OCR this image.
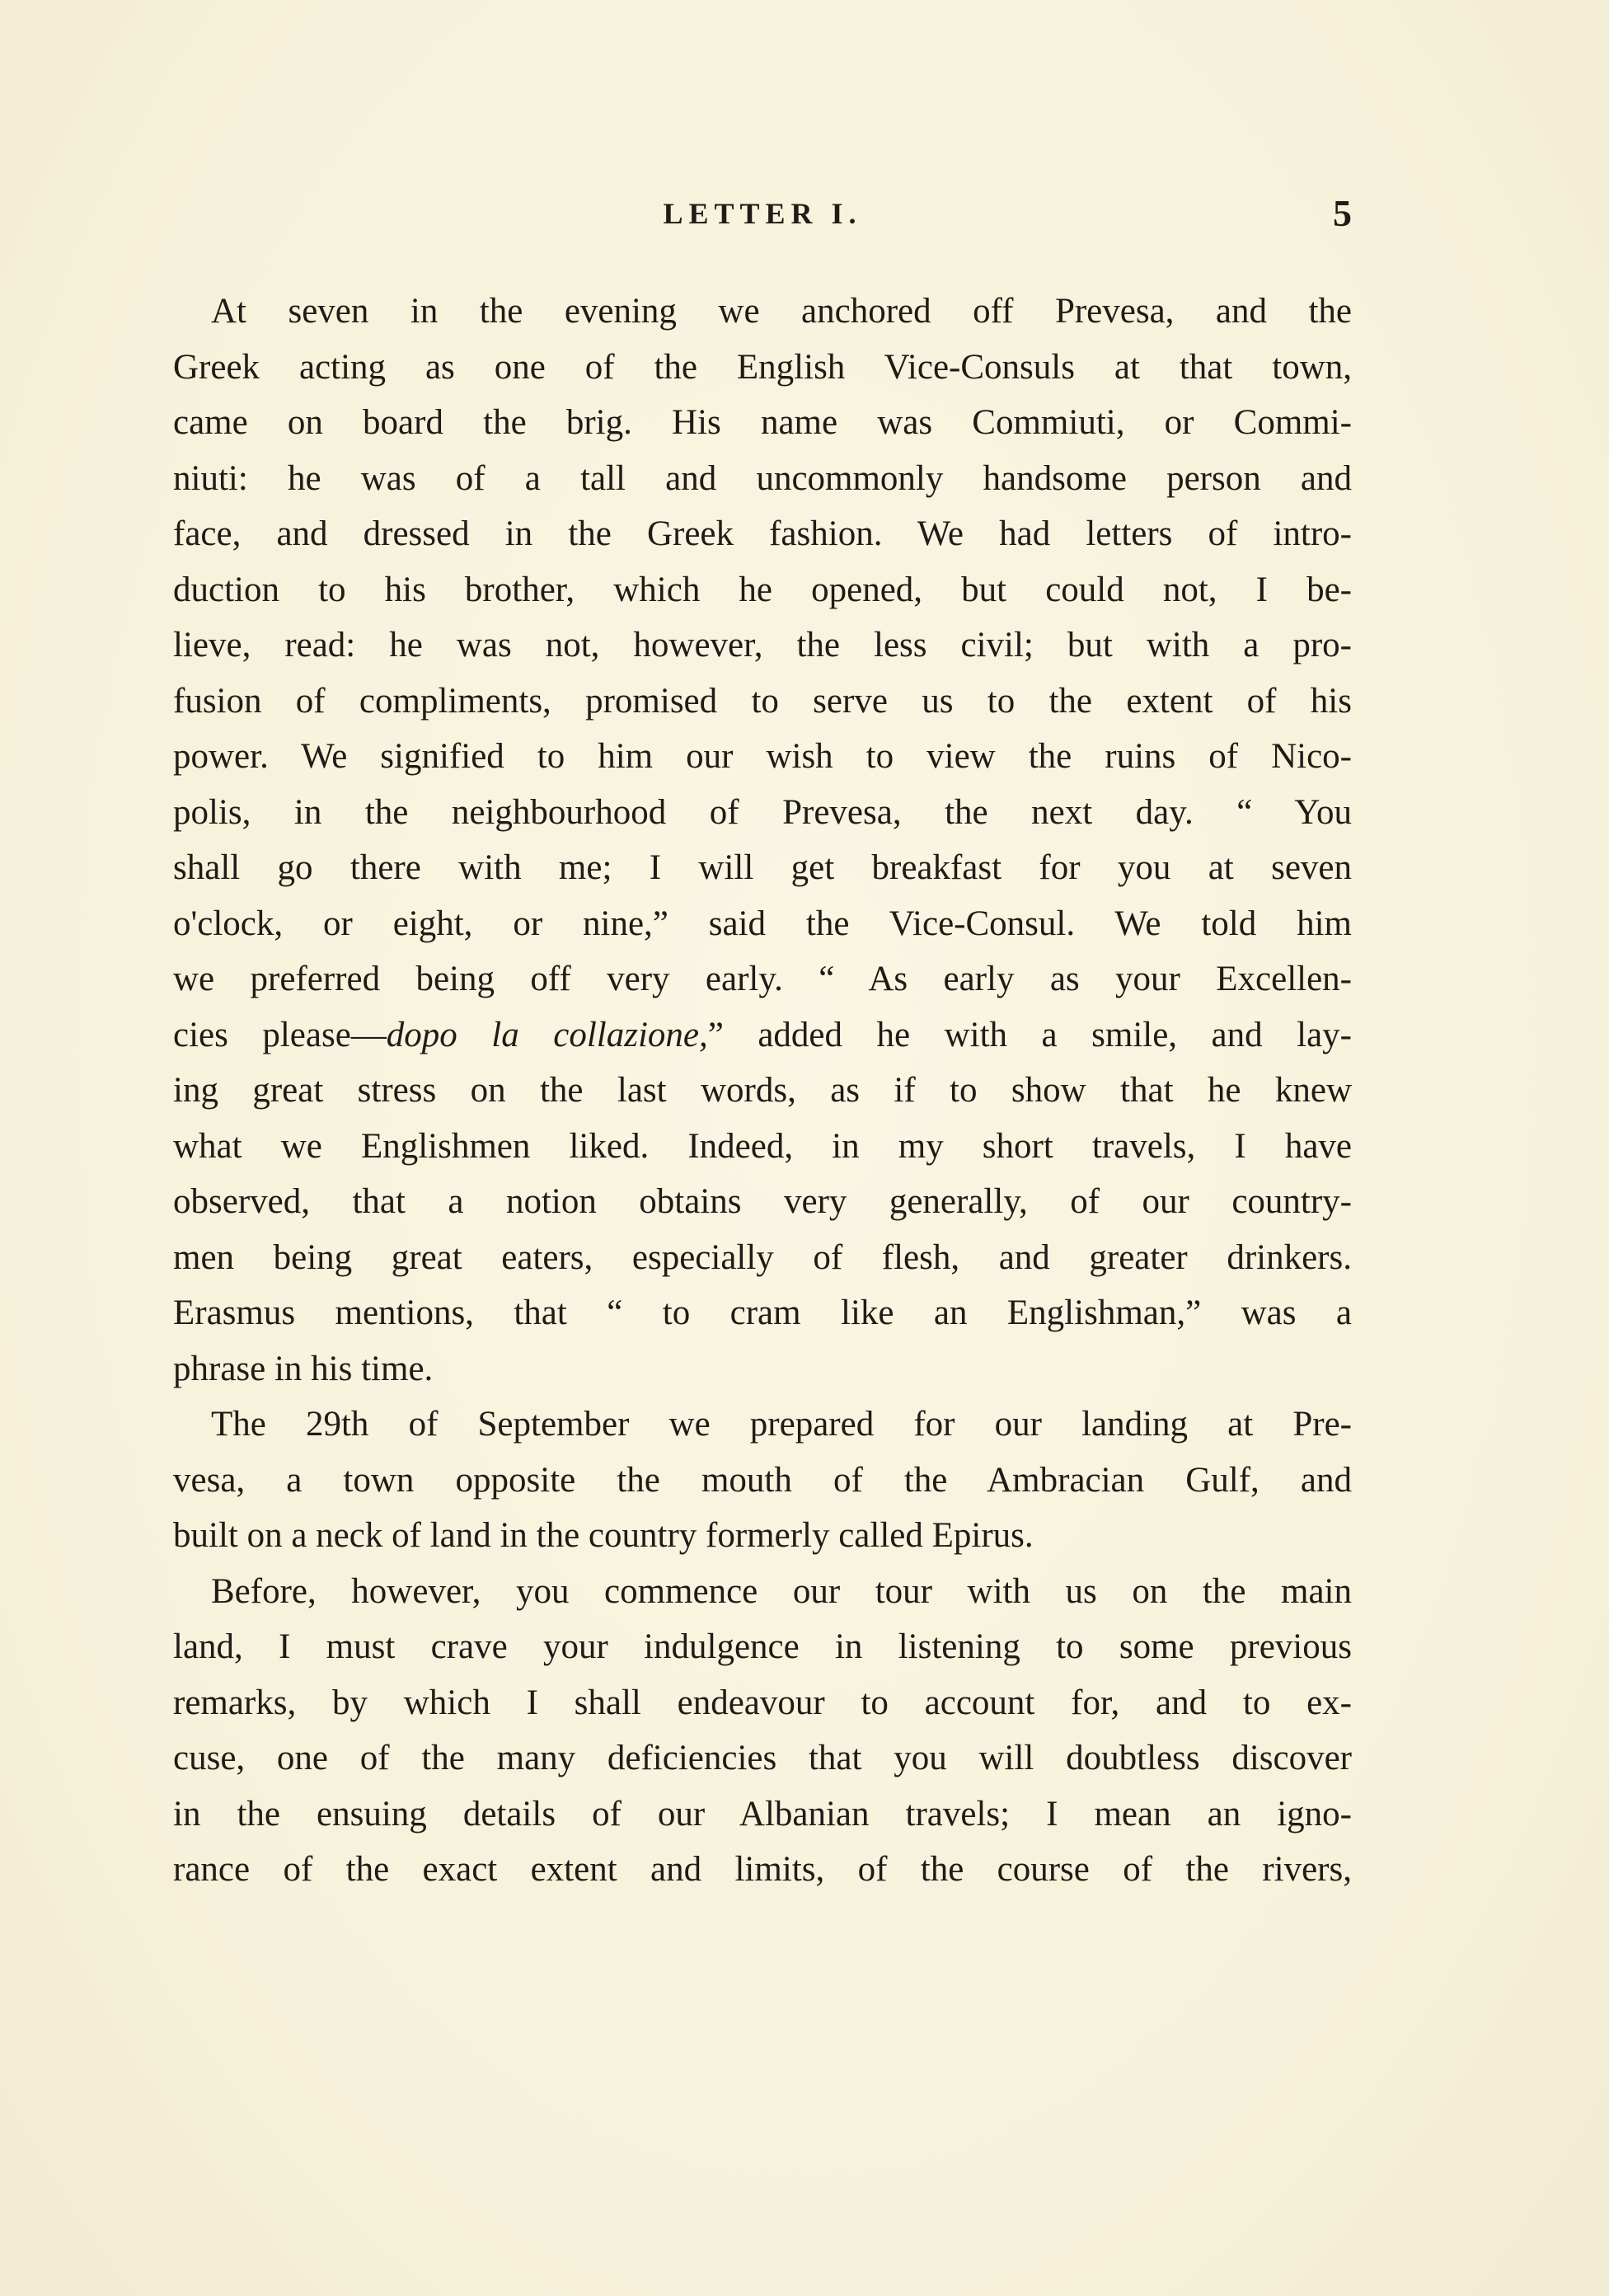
LETTER I.	5
At seven in the evening we anchored off Prevesa, and the
Greek acting as one of the English Vice-Consuls at that town,
came on board the brig. His name was Commiuti, or Commi-
niuti: he was of a tall and uncommonly handsome person and
face, and dressed in the Greek fashion. We had letters of intro-
duction to his brother, which he opened, but could not, I be-
lieve, read: he was not, however, the less civil; but with a pro-
fusion of compliments, promised to serve us to the extent of his
power. We signified to him our wish to view the ruins of Nico-
polis, in the neighbourhood of Prevesa, the next day. “ You
shall go there with me; I will get breakfast for you at seven
o'clock, or eight, or nine,” said the Vice-Consul. We told him
we preferred being off very early. “ As early as your Excellen-
cies please—dopo la collazione,” added he with a smile, and lay-
ing great stress on the last words, as if to show that he knew
what we Englishmen liked. Indeed, in my short travels, I have
observed, that a notion obtains very generally, of our country-
men being great eaters, especially of flesh, and greater drinkers.
Erasmus mentions, that “ to cram like an Englishman,” was a
phrase in his time.
The 29th of September we prepared for our landing at Pre-
vesa, a town opposite the mouth of the Ambracian Gulf, and
built on a neck of land in the country formerly called Epirus.
Before, however, you commence our tour with us on the main
land, I must crave your indulgence in listening to some previous
remarks, by which I shall endeavour to account for, and to ex-
cuse, one of the many deficiencies that you will doubtless discover
in the ensuing details of our Albanian travels; I mean an igno-
rance of the exact extent and limits, of the course of the rivers,
